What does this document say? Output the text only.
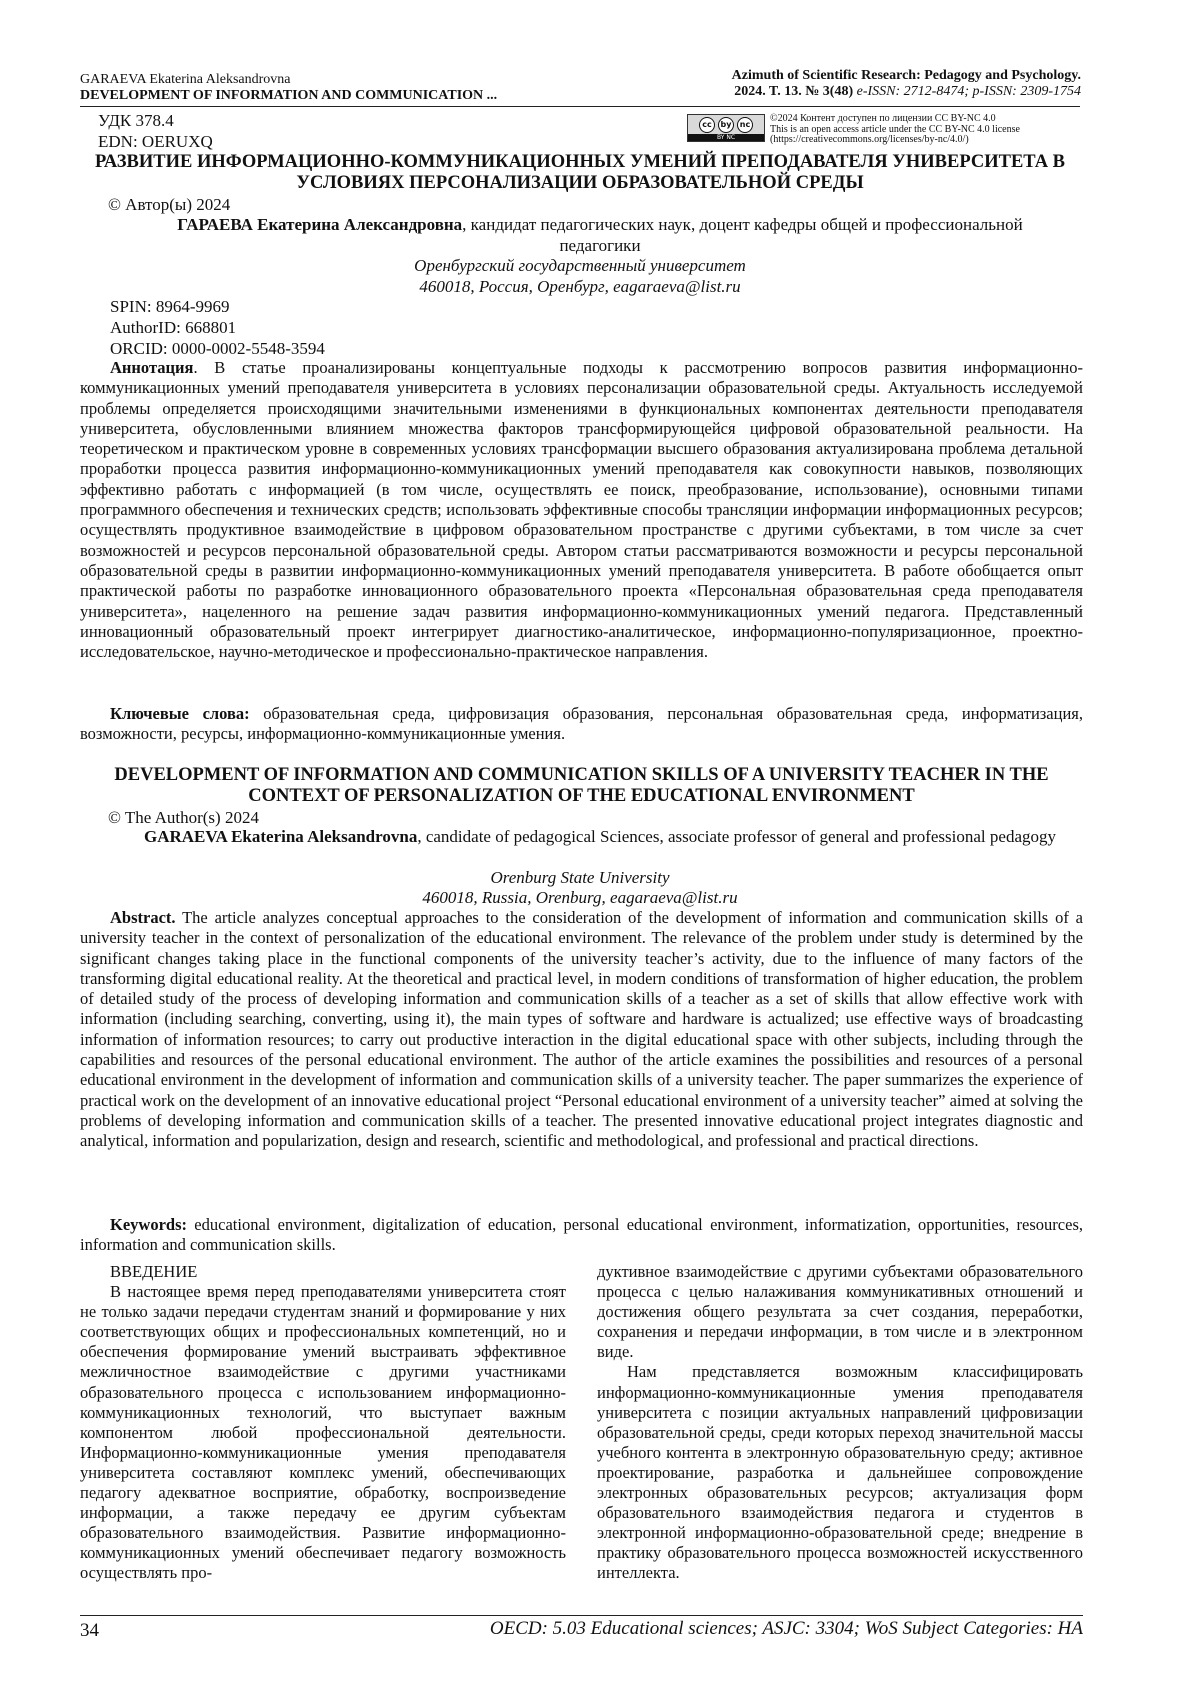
GARAEVA Ekaterina Aleksandrovna
DEVELOPMENT OF INFORMATION AND COMMUNICATION ...
Azimuth of Scientific Research: Pedagogy and Psychology.
2024. T. 13. № 3(48) e-ISSN: 2712-8474; p-ISSN: 2309-1754
УДК 378.4
EDN: OERUXQ
cc	by	nc
BY NC
©2024 Контент доступен по лицензии CC BY-NC 4.0
This is an open access article under the CC BY-NC 4.0 license
(https://creativecommons.org/licenses/by-nc/4.0/)
РАЗВИТИЕ ИНФОРМАЦИОННО-КОММУНИКАЦИОННЫХ УМЕНИЙ ПРЕПОДАВАТЕЛЯ УНИВЕРСИТЕТА В УСЛОВИЯХ ПЕРСОНАЛИЗАЦИИ ОБРАЗОВАТЕЛЬНОЙ СРЕДЫ
© Автор(ы) 2024
ГАРАЕВА Екатерина Александровна, кандидат педагогических наук, доцент кафедры общей и профессиональной педагогики
Оренбургский государственный университет
460018, Россия, Оренбург, eagaraeva@list.ru
SPIN: 8964-9969
AuthorID: 668801
ORCID: 0000-0002-5548-3594
Аннотация. В статье проанализированы концептуальные подходы к рассмотрению вопросов развития информационно-коммуникационных умений преподавателя университета в условиях персонализации образовательной среды. Актуальность исследуемой проблемы определяется происходящими значительными изменениями в функциональных компонентах деятельности преподавателя университета, обусловленными влиянием множества факторов трансформирующейся цифровой образовательной реальности. На теоретическом и практическом уровне в современных условиях трансформации высшего образования актуализирована проблема детальной проработки процесса развития информационно-коммуникационных умений преподавателя как совокупности навыков, позволяющих эффективно работать с информацией (в том числе, осуществлять ее поиск, преобразование, использование), основными типами программного обеспечения и технических средств; использовать эффективные способы трансляции информации информационных ресурсов; осуществлять продуктивное взаимодействие в цифровом образовательном пространстве с другими субъектами, в том числе за счет возможностей и ресурсов персональной образовательной среды. Автором статьи рассматриваются возможности и ресурсы персональной образовательной среды в развитии информационно-коммуникационных умений преподавателя университета. В работе обобщается опыт практической работы по разработке инновационного образовательного проекта «Персональная образовательная среда преподавателя университета», нацеленного на решение задач развития информационно-коммуникационных умений педагога. Представленный инновационный образовательный проект интегрирует диагностико-аналитическое, информационно-популяризационное, проектно-исследовательское, научно-методическое и профессионально-практическое направления.
Ключевые слова: образовательная среда, цифровизация образования, персональная образовательная среда, информатизация, возможности, ресурсы, информационно-коммуникационные умения.
DEVELOPMENT OF INFORMATION AND COMMUNICATION SKILLS OF A UNIVERSITY TEACHER IN THE CONTEXT OF PERSONALIZATION OF THE EDUCATIONAL ENVIRONMENT
© The Author(s) 2024
GARAEVA Ekaterina Aleksandrovna, candidate of pedagogical Sciences, associate professor of general and professional pedagogy
Orenburg State University
460018, Russia, Orenburg, eagaraeva@list.ru
Abstract. The article analyzes conceptual approaches to the consideration of the development of information and communication skills of a university teacher in the context of personalization of the educational environment. The relevance of the problem under study is determined by the significant changes taking place in the functional components of the university teacher’s activity, due to the influence of many factors of the transforming digital educational reality. At the theoretical and practical level, in modern conditions of transformation of higher education, the problem of detailed study of the process of developing information and communication skills of a teacher as a set of skills that allow effective work with information (including searching, converting, using it), the main types of software and hardware is actualized; use effective ways of broadcasting information of information resources; to carry out productive interaction in the digital educational space with other subjects, including through the capabilities and resources of the personal educational environment. The author of the article examines the possibilities and resources of a personal educational environment in the development of information and communication skills of a university teacher. The paper summarizes the experience of practical work on the development of an innovative educational project “Personal educational environment of a university teacher” aimed at solving the problems of developing information and communication skills of a teacher. The presented innovative educational project integrates diagnostic and analytical, information and popularization, design and research, scientific and methodological, and professional and practical directions.
Keywords: educational environment, digitalization of education, personal educational environment, informatization, opportunities, resources, information and communication skills.
ВВЕДЕНИЕ
В настоящее время перед преподавателями университета стоят не только задачи передачи студентам знаний и формирование у них соответствующих общих и профессиональных компетенций, но и обеспечения формирование умений выстраивать эффективное межличностное взаимодействие с другими участниками образовательного процесса с использованием информационно-коммуникационных технологий, что выступает важным компонентом любой профессиональной деятельности. Информационно-коммуникационные умения преподавателя университета составляют комплекс умений, обеспечивающих педагогу адекватное восприятие, обработку, воспроизведение информации, а также передачу ее другим субъектам образовательного взаимодействия. Развитие информационно-коммуникационных умений обеспечивает педагогу возможность осуществлять про-
дуктивное взаимодействие с другими субъектами образовательного процесса с целью налаживания коммуникативных отношений и достижения общего результата за счет создания, переработки, сохранения и передачи информации, в том числе и в электронном виде.
Нам представляется возможным классифицировать информационно-коммуникационные умения преподавателя университета с позиции актуальных направлений цифровизации образовательной среды, среди которых переход значительной массы учебного контента в электронную образовательную среду; активное проектирование, разработка и дальнейшее сопровождение электронных образовательных ресурсов; актуализация форм образовательного взаимодействия педагога и студентов в электронной информационно-образовательной среде; внедрение в практику образовательного процесса возможностей искусственного интеллекта.
34	OECD: 5.03 Educational sciences; ASJC: 3304; WoS Subject Categories: HA
